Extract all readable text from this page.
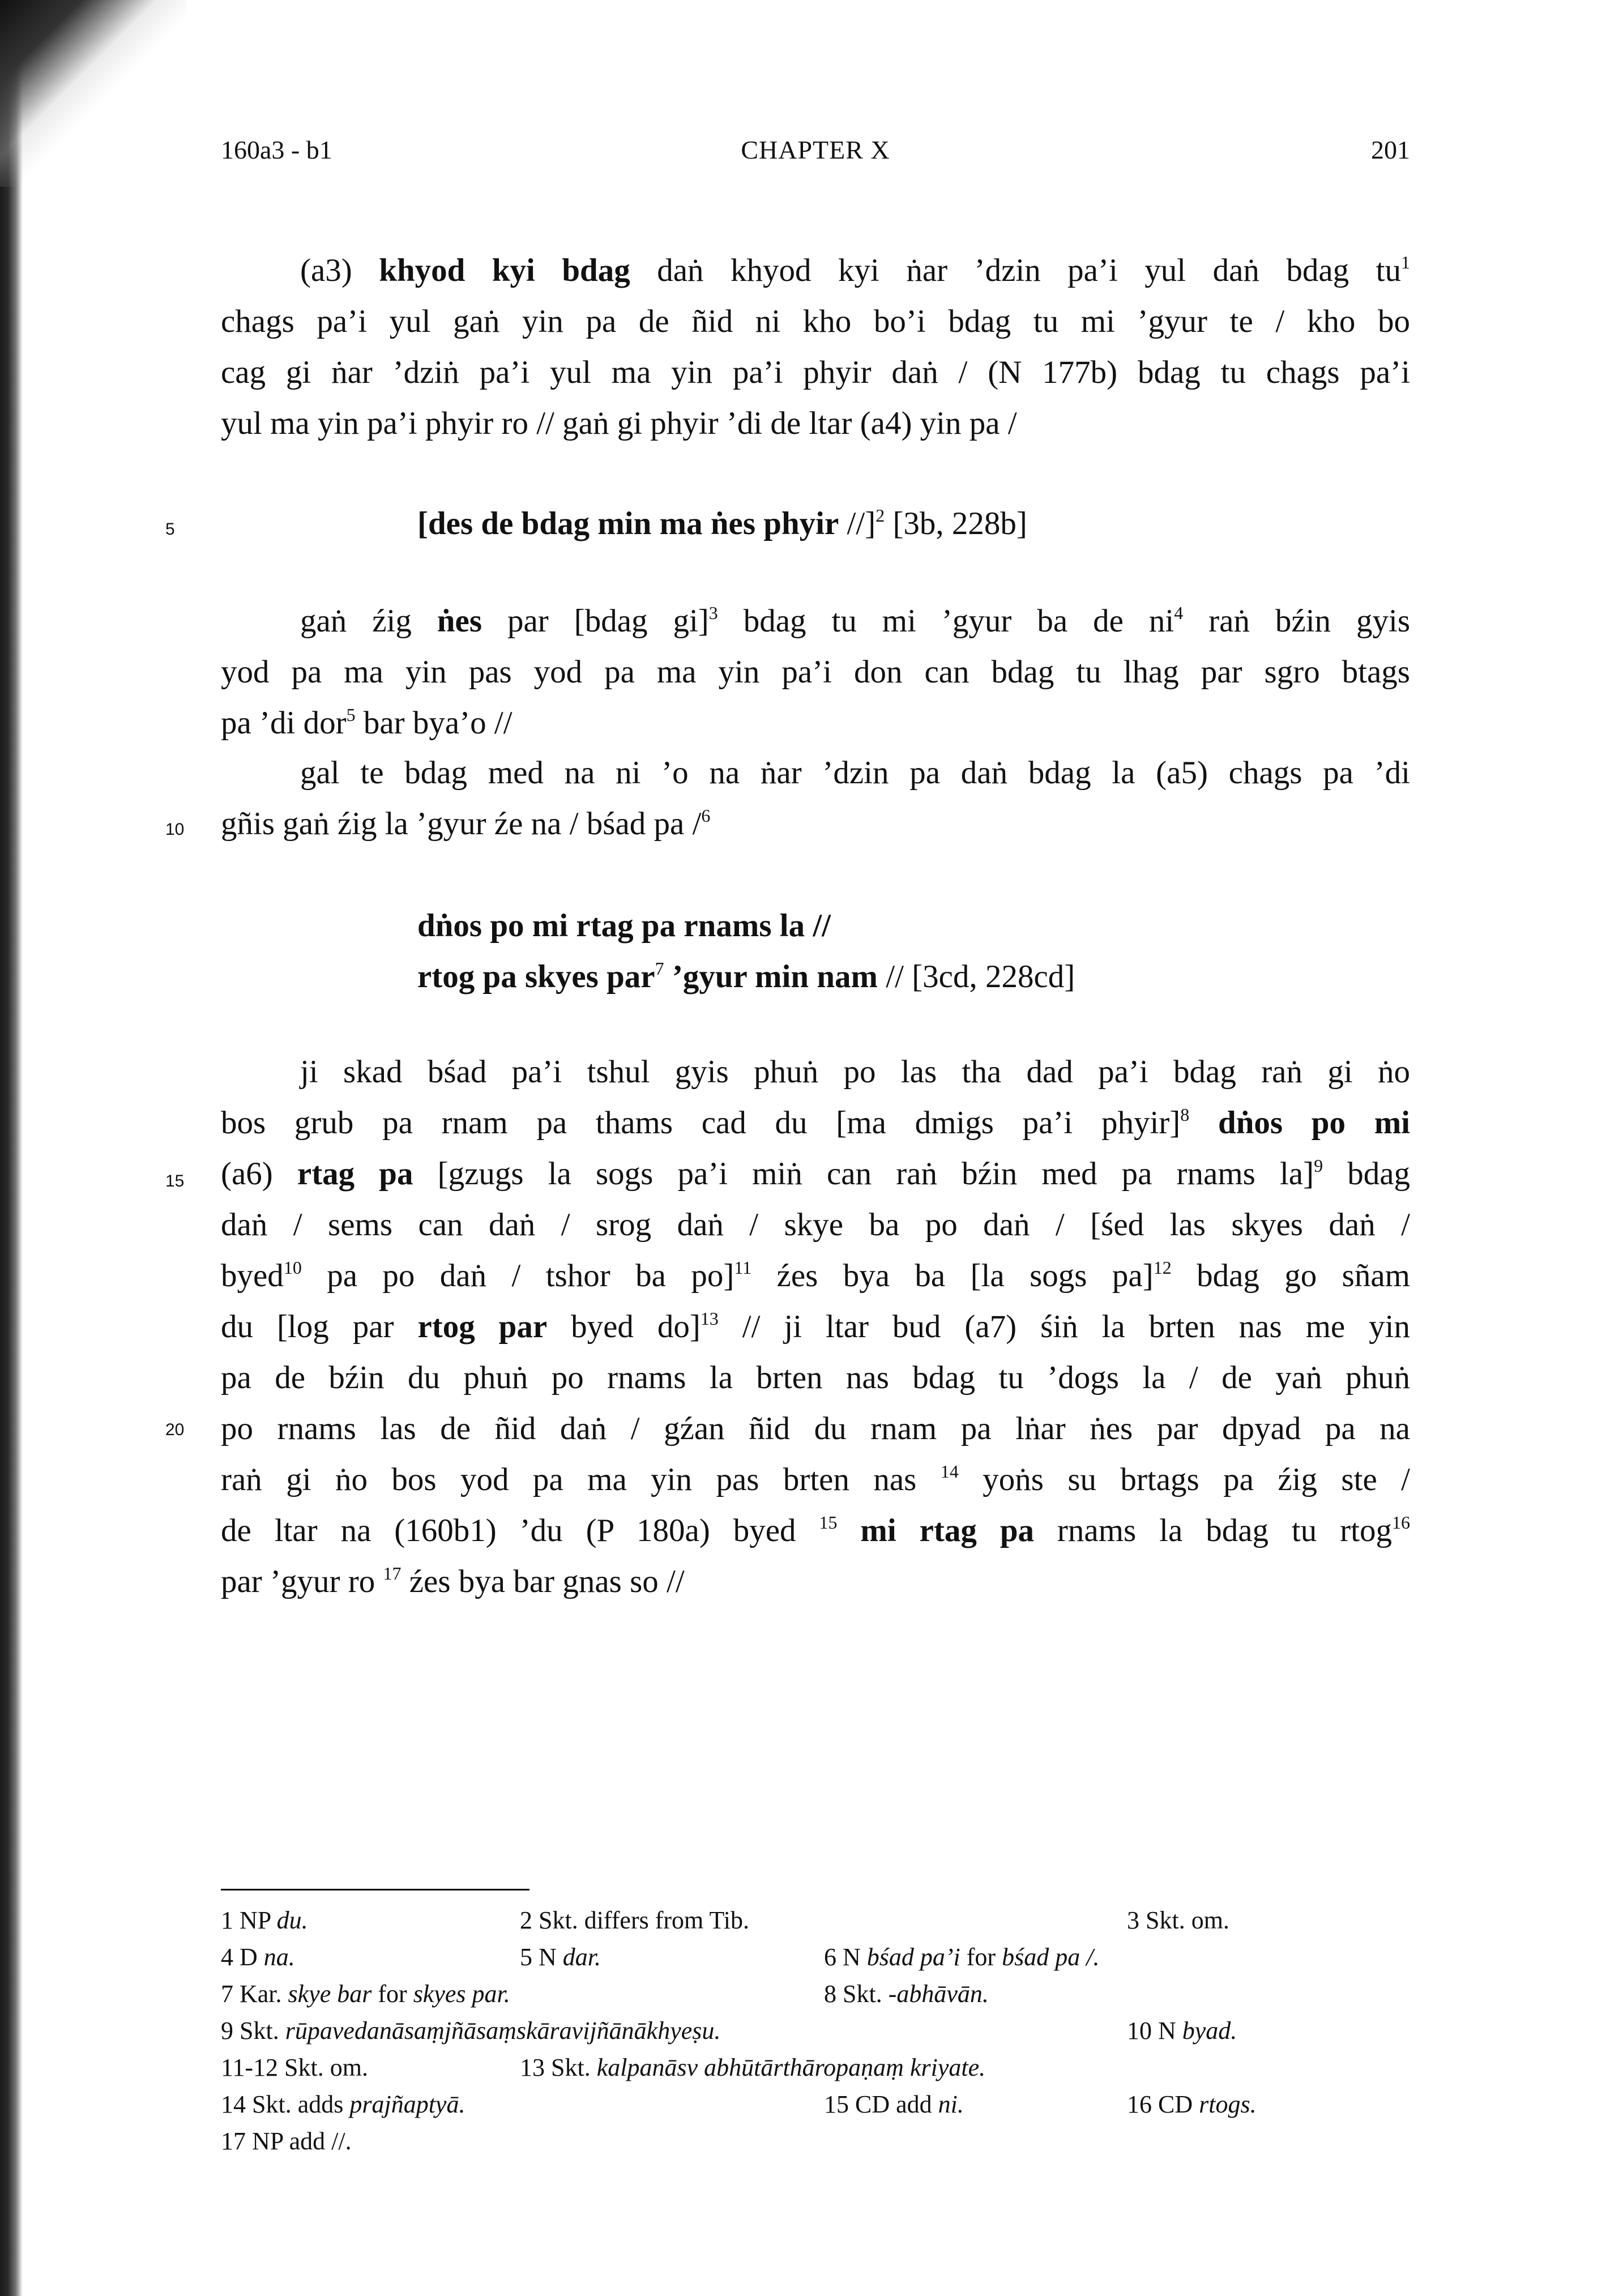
160a3 - b1	CHAPTER X	201
5
10
15
20
(a3) khyod kyi bdag daṅ khyod kyi ṅar ’dzin pa’i yul daṅ bdag $tu^1$
chags pa’i yul gaṅ yin pa de ñid ni kho bo’i bdag tu mi ’gyur te / kho bo
cag gi ṅar ’dziṅ pa’i yul ma yin pa’i phyir daṅ / (N 177b) bdag tu chags pa’i
yul ma yin pa’i phyir ro // gaṅ gi phyir ’di de ltar (a4) yin pa /
[des de bdag min ma ṅes phyir //]$^2$ [3b, 228b]
gaṅ źig ṅes par [bdag gi]$^3$ bdag tu mi ’gyur ba de $ni^4$ raṅ bźin gyis
yod pa ma yin pas yod pa ma yin pa’i don can bdag tu lhag par sgro btags
pa ’di dor$^5$ bar bya’o //
gal te bdag med na ni ’o na ṅar ’dzin pa daṅ bdag la (a5) chags pa ’di
gñis gaṅ źig la ’gyur źe na / bśad pa /$^6$
dṅos po mi rtag pa rnams la //
rtog pa skyes par$^7$ ’gyur min nam // [3cd, 228cd]
ji skad bśad pa’i tshul gyis phuṅ po las tha dad pa’i bdag raṅ gi ṅo
bos grub pa rnam pa thams cad du [ma dmigs pa’i phyir]$^8$ dṅos po mi
(a6) rtag pa [gzugs la sogs pa’i miṅ can raṅ bźin med pa rnams la]$^9$ bdag
daṅ / sems can daṅ / srog daṅ / skye ba po daṅ / [śed las skyes daṅ /
byed$^{10}$ pa po daṅ / tshor ba po]$^{11}$ źes bya ba [la sogs pa]$^{12}$ bdag go sñam
du [log par rtog par byed do]$^{13}$ // ji ltar bud (a7) śiṅ la brten nas me yin
pa de bźin du phuṅ po rnams la brten nas bdag tu ’dogs la / de yaṅ phuṅ
po rnams las de ñid daṅ / gźan ñid du rnam pa lṅar ṅes par dpyad pa na
raṅ gi ṅo bos yod pa ma yin pas brten nas $^{14}$ yoṅs su brtags pa źig ste /
de ltar na (160b1) ’du (P 180a) byed $^{15}$ mi rtag pa rnams la bdag tu rtog$^{16}$
par ’gyur ro $^{17}$ źes bya bar gnas so //
1 NP du.	2 Skt. differs from Tib.	3 Skt. om.
4 D na.	5 N dar.	6 N bśad pa’i for bśad pa /.
7 Kar. skye bar for skyes par.	8 Skt. -abhāvān.
9 Skt. rūpavedanāsaṃjñāsaṃskāravijñānākhyeṣu.	10 N byad.
11-12 Skt. om.	13 Skt. kalpanāsv abhūtārthāropaṇaṃ kriyate.
14 Skt. adds prajñaptyā.	15 CD add ni.	16 CD rtogs.
17 NP add //.
